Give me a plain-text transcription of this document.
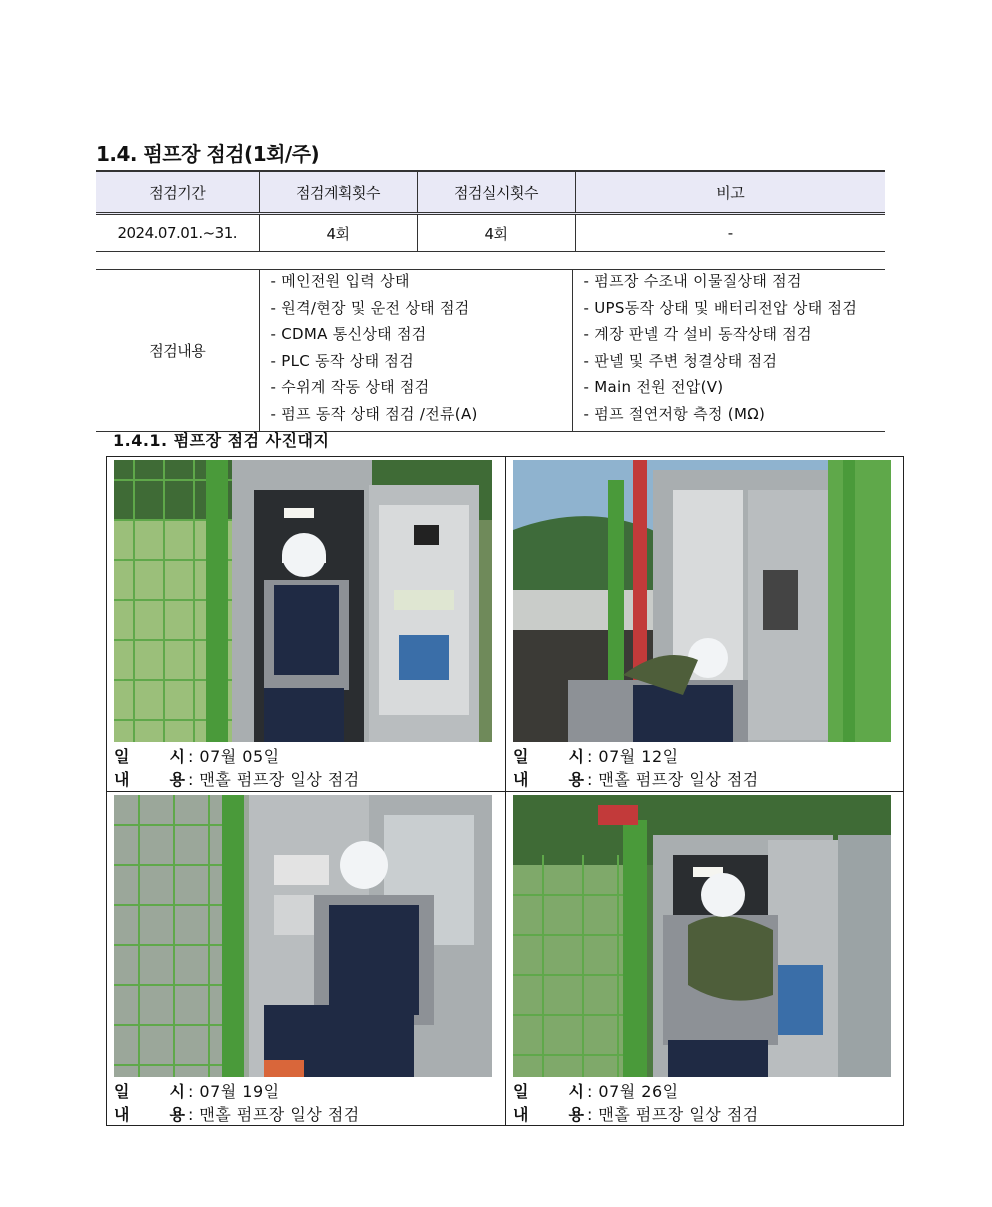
1.4. 펌프장 점검(1회/주)
점검기간	점검계획횟수	점검실시횟수	비고
2024.07.01.~31.	4회	4회	-
점검내용	
- 메인전원 입력 상태
- 원격/현장 및 운전 상태 점검
- CDMA 통신상태 점검
- PLC 동작 상태 점검
- 수위계 작동 상태 점검
- 펌프 동작 상태 점검 /전류(A)

- 펌프장 수조내 이물질상태 점검
- UPS동작 상태 및 배터리전압 상태 점검
- 계장 판넬 각 설비 동작상태 점검
- 판넬 및 주변 청결상태 점검
- Main 전원 전압(V)
- 펌프 절연저항 측정 (MΩ)
1.4.1. 펌프장 점검 사진대지
일	시 : 07월 05일
내	용 : 맨홀 펌프장 일상 점검
일	시 : 07월 12일
내	용 : 맨홀 펌프장 일상 점검
일	시 : 07월 19일
내	용 : 맨홀 펌프장 일상 점검
일	시 : 07월 26일
내	용 : 맨홀 펌프장 일상 점검
